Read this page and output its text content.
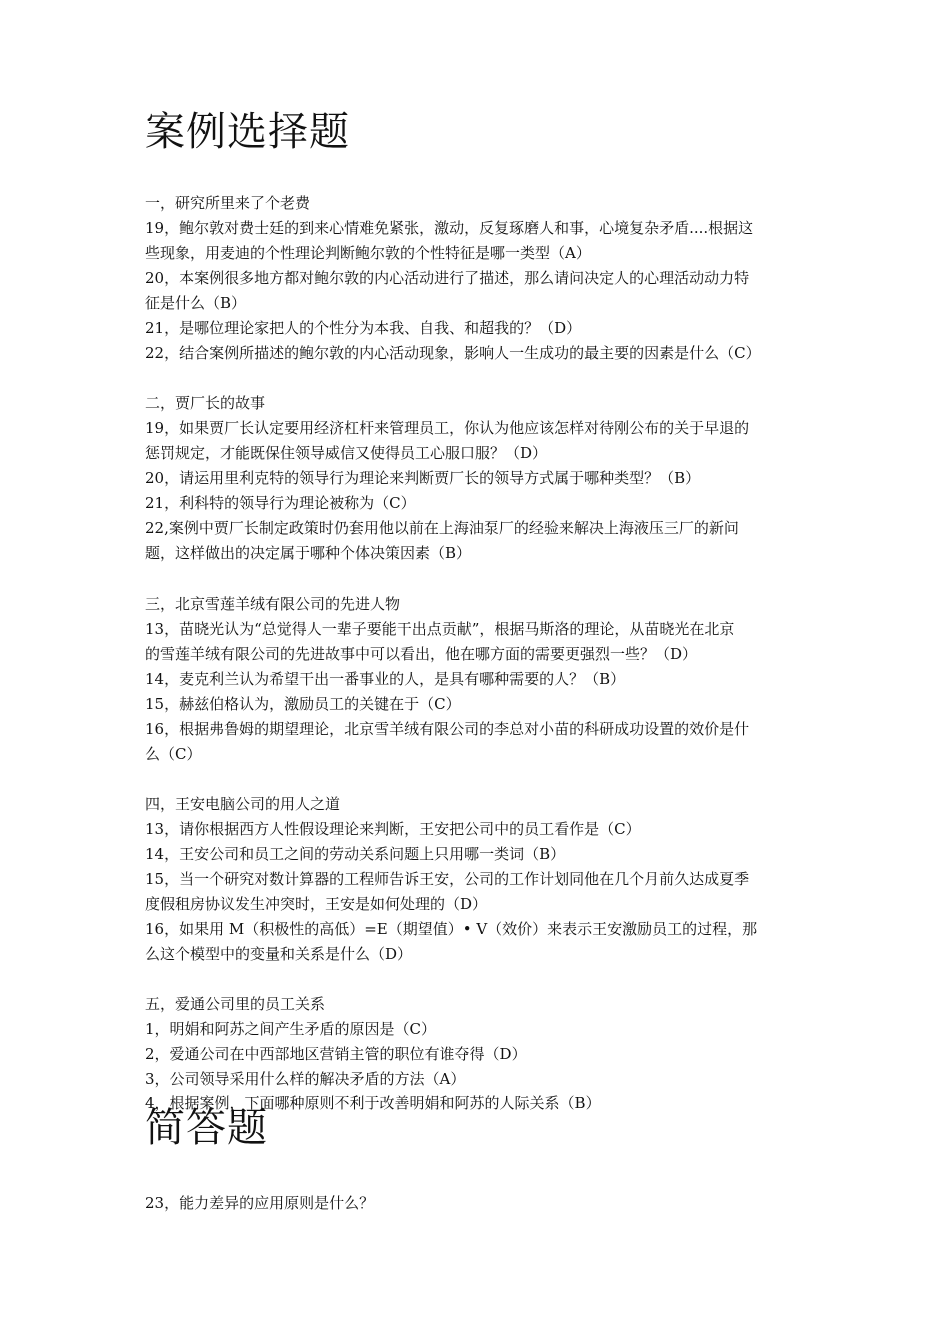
案例选择题
一，研究所里来了个老费
19，鲍尔敦对费士廷的到来心情难免紧张，激动，反复琢磨人和事，心境复杂矛盾....根据这
些现象，用麦迪的个性理论判断鲍尔敦的个性特征是哪一类型（A）
20，本案例很多地方都对鲍尔敦的内心活动进行了描述，那么请问决定人的心理活动动力特
征是什么（B）
21，是哪位理论家把人的个性分为本我、自我、和超我的？（D）
22，结合案例所描述的鲍尔敦的内心活动现象，影响人一生成功的最主要的因素是什么（C）
二，贾厂长的故事
19，如果贾厂长认定要用经济杠杆来管理员工，你认为他应该怎样对待刚公布的关于早退的
惩罚规定，才能既保住领导威信又使得员工心服口服？（D）
20，请运用里利克特的领导行为理论来判断贾厂长的领导方式属于哪种类型？（B）
21，利科特的领导行为理论被称为（C）
22,案例中贾厂长制定政策时仍套用他以前在上海油泵厂的经验来解决上海液压三厂的新问
题，这样做出的决定属于哪种个体决策因素（B）
三，北京雪莲羊绒有限公司的先进人物
13，苗晓光认为“总觉得人一辈子要能干出点贡献”，根据马斯洛的理论，从苗晓光在北京
的雪莲羊绒有限公司的先进故事中可以看出，他在哪方面的需要更强烈一些？（D）
14，麦克利兰认为希望干出一番事业的人，是具有哪种需要的人？（B）
15，赫兹伯格认为，激励员工的关键在于（C）
16，根据弗鲁姆的期望理论，北京雪羊绒有限公司的李总对小苗的科研成功设置的效价是什
么（C）
四，王安电脑公司的用人之道
13，请你根据西方人性假设理论来判断，王安把公司中的员工看作是（C）
14，王安公司和员工之间的劳动关系问题上只用哪一类词（B）
15，当一个研究对数计算器的工程师告诉王安，公司的工作计划同他在几个月前久达成夏季
度假租房协议发生冲突时，王安是如何处理的（D）
16，如果用 M（积极性的高低）=E（期望值）• V（效价）来表示王安激励员工的过程，那
么这个模型中的变量和关系是什么（D）
五，爱通公司里的员工关系
1，明娟和阿苏之间产生矛盾的原因是（C）
2，爱通公司在中西部地区营销主管的职位有谁夺得（D）
3，公司领导采用什么样的解决矛盾的方法（A）
4，根据案例，下面哪种原则不利于改善明娟和阿苏的人际关系（B）
简答题
23，能力差异的应用原则是什么？
